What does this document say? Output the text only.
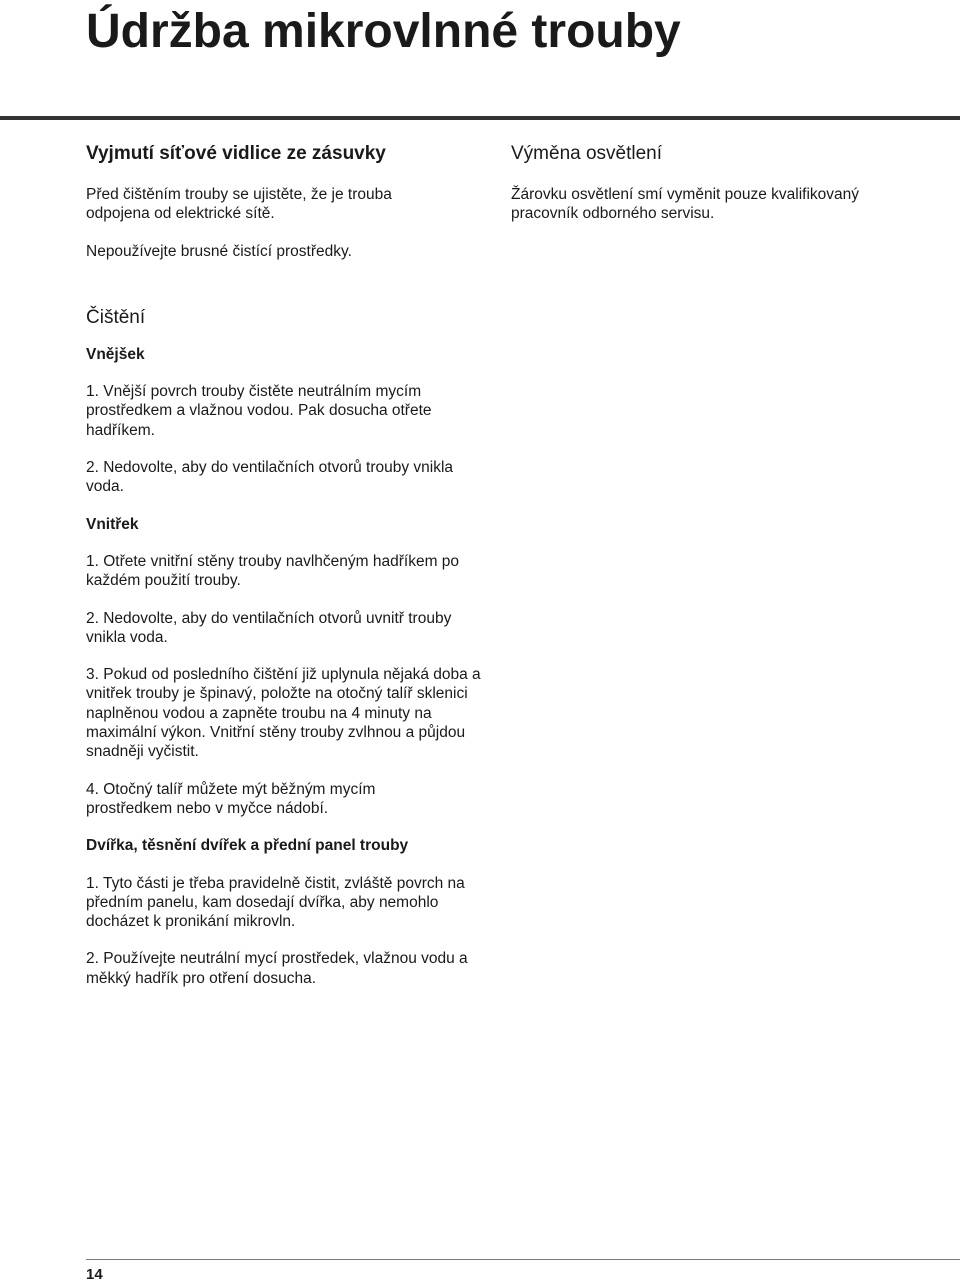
Údržba mikrovlnné trouby
Vyjmutí síťové vidlice ze zásuvky

Před čištěním trouby se ujistěte, že je trouba odpojena od elektrické sítě.

Nepoužívejte brusné čistící prostředky.

Čištění
Vnějšek

1. Vnější povrch trouby čistěte neutrálním mycím prostředkem a vlažnou vodou. Pak dosucha otřete hadříkem.

2. Nedovolte, aby do ventilačních otvorů trouby vnikla voda.

Vnitřek

1. Otřete vnitřní stěny trouby navlhčeným hadříkem po každém použití trouby.

2. Nedovolte, aby do ventilačních otvorů uvnitř trouby vnikla voda.

3. Pokud od posledního čištění již uplynula nějaká doba a vnitřek trouby je špinavý, položte na otočný talíř sklenici naplněnou vodou a zapněte troubu na 4 minuty na maximální výkon. Vnitřní stěny trouby zvlhnou a půjdou snadněji vyčistit.

4. Otočný talíř můžete mýt běžným mycím prostředkem nebo v myčce nádobí.

Dvířka, těsnění dvířek a přední panel trouby

1. Tyto části je třeba pravidelně čistit, zvláště povrch na předním panelu, kam dosedají dvířka, aby nemohlo docházet k pronikání mikrovln.

2. Používejte neutrální mycí prostředek, vlažnou vodu a měkký hadřík pro otření dosucha.

Výměna osvětlení

Žárovku osvětlení smí vyměnit pouze kvalifikovaný pracovník odborného servisu.

14
